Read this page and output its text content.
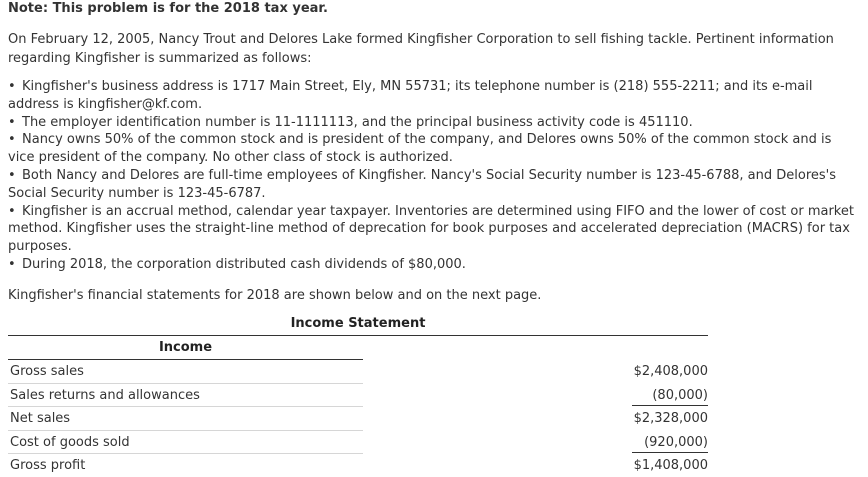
Note: This problem is for the 2018 tax year.
On February 12, 2005, Nancy Trout and Delores Lake formed Kingfisher Corporation to sell fishing tackle. Pertinent information regarding Kingfisher is summarized as follows:
• Kingfisher's business address is 1717 Main Street, Ely, MN 55731; its telephone number is (218) 555-2211; and its e-mail address is kingfisher@kf.com.
• The employer identification number is 11-1111113, and the principal business activity code is 451110.
• Nancy owns 50% of the common stock and is president of the company, and Delores owns 50% of the common stock and is vice president of the company. No other class of stock is authorized.
• Both Nancy and Delores are full-time employees of Kingfisher. Nancy's Social Security number is 123-45-6788, and Delores's Social Security number is 123-45-6787.
• Kingfisher is an accrual method, calendar year taxpayer. Inventories are determined using FIFO and the lower of cost or market method. Kingfisher uses the straight-line method of deprecation for book purposes and accelerated depreciation (MACRS) for tax purposes.
• During 2018, the corporation distributed cash dividends of $80,000.
Kingfisher's financial statements for 2018 are shown below and on the next page.
Income Statement
Income
Gross sales	$2,408,000
Sales returns and allowances	(80,000)
Net sales	$2,328,000
Cost of goods sold	(920,000)
Gross profit	$1,408,000
